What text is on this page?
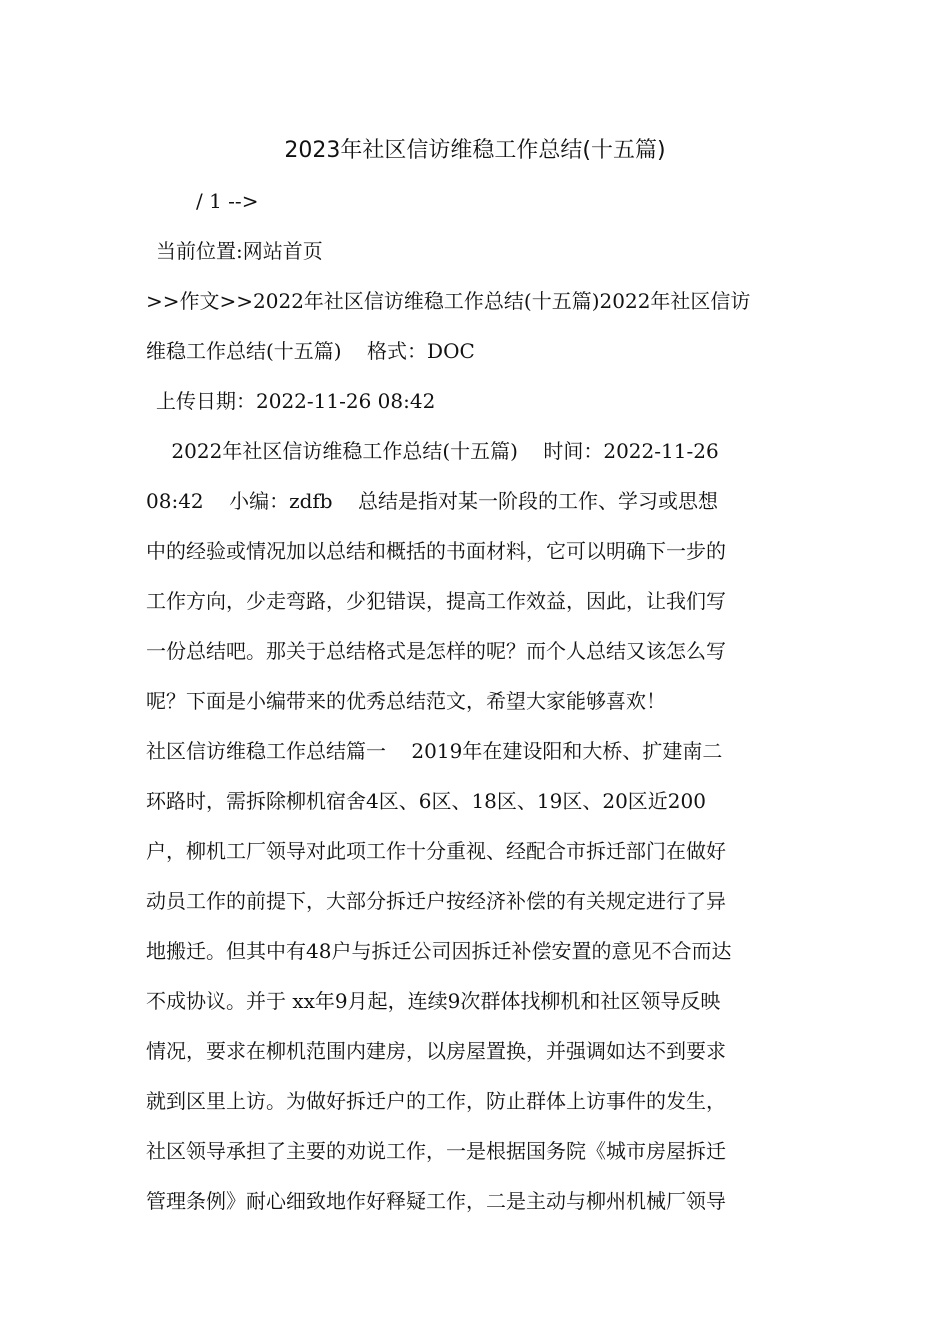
2023年社区信访维稳工作总结(十五篇)
/ 1 -->
当前位置:网站首页
>>作文>>2022年社区信访维稳工作总结(十五篇)2022年社区信访
维稳工作总结(十五篇)    格式：DOC
上传日期：2022-11-26 08:42
2022年社区信访维稳工作总结(十五篇)    时间：2022-11-26
08:42    小编：zdfb    总结是指对某一阶段的工作、学习或思想
中的经验或情况加以总结和概括的书面材料，它可以明确下一步的
工作方向，少走弯路，少犯错误，提高工作效益，因此，让我们写
一份总结吧。那关于总结格式是怎样的呢？而个人总结又该怎么写
呢？下面是小编带来的优秀总结范文，希望大家能够喜欢！
社区信访维稳工作总结篇一    2019年在建设阳和大桥、扩建南二
环路时，需拆除柳机宿舍4区、6区、18区、19区、20区近200
户，柳机工厂领导对此项工作十分重视、经配合市拆迁部门在做好
动员工作的前提下，大部分拆迁户按经济补偿的有关规定进行了异
地搬迁。但其中有48户与拆迁公司因拆迁补偿安置的意见不合而达
不成协议。并于 xx年9月起，连续9次群体找柳机和社区领导反映
情况，要求在柳机范围内建房，以房屋置换，并强调如达不到要求
就到区里上访。为做好拆迁户的工作，防止群体上访事件的发生，
社区领导承担了主要的劝说工作，一是根据国务院《城市房屋拆迁
管理条例》耐心细致地作好释疑工作，二是主动与柳州机械厂领导
